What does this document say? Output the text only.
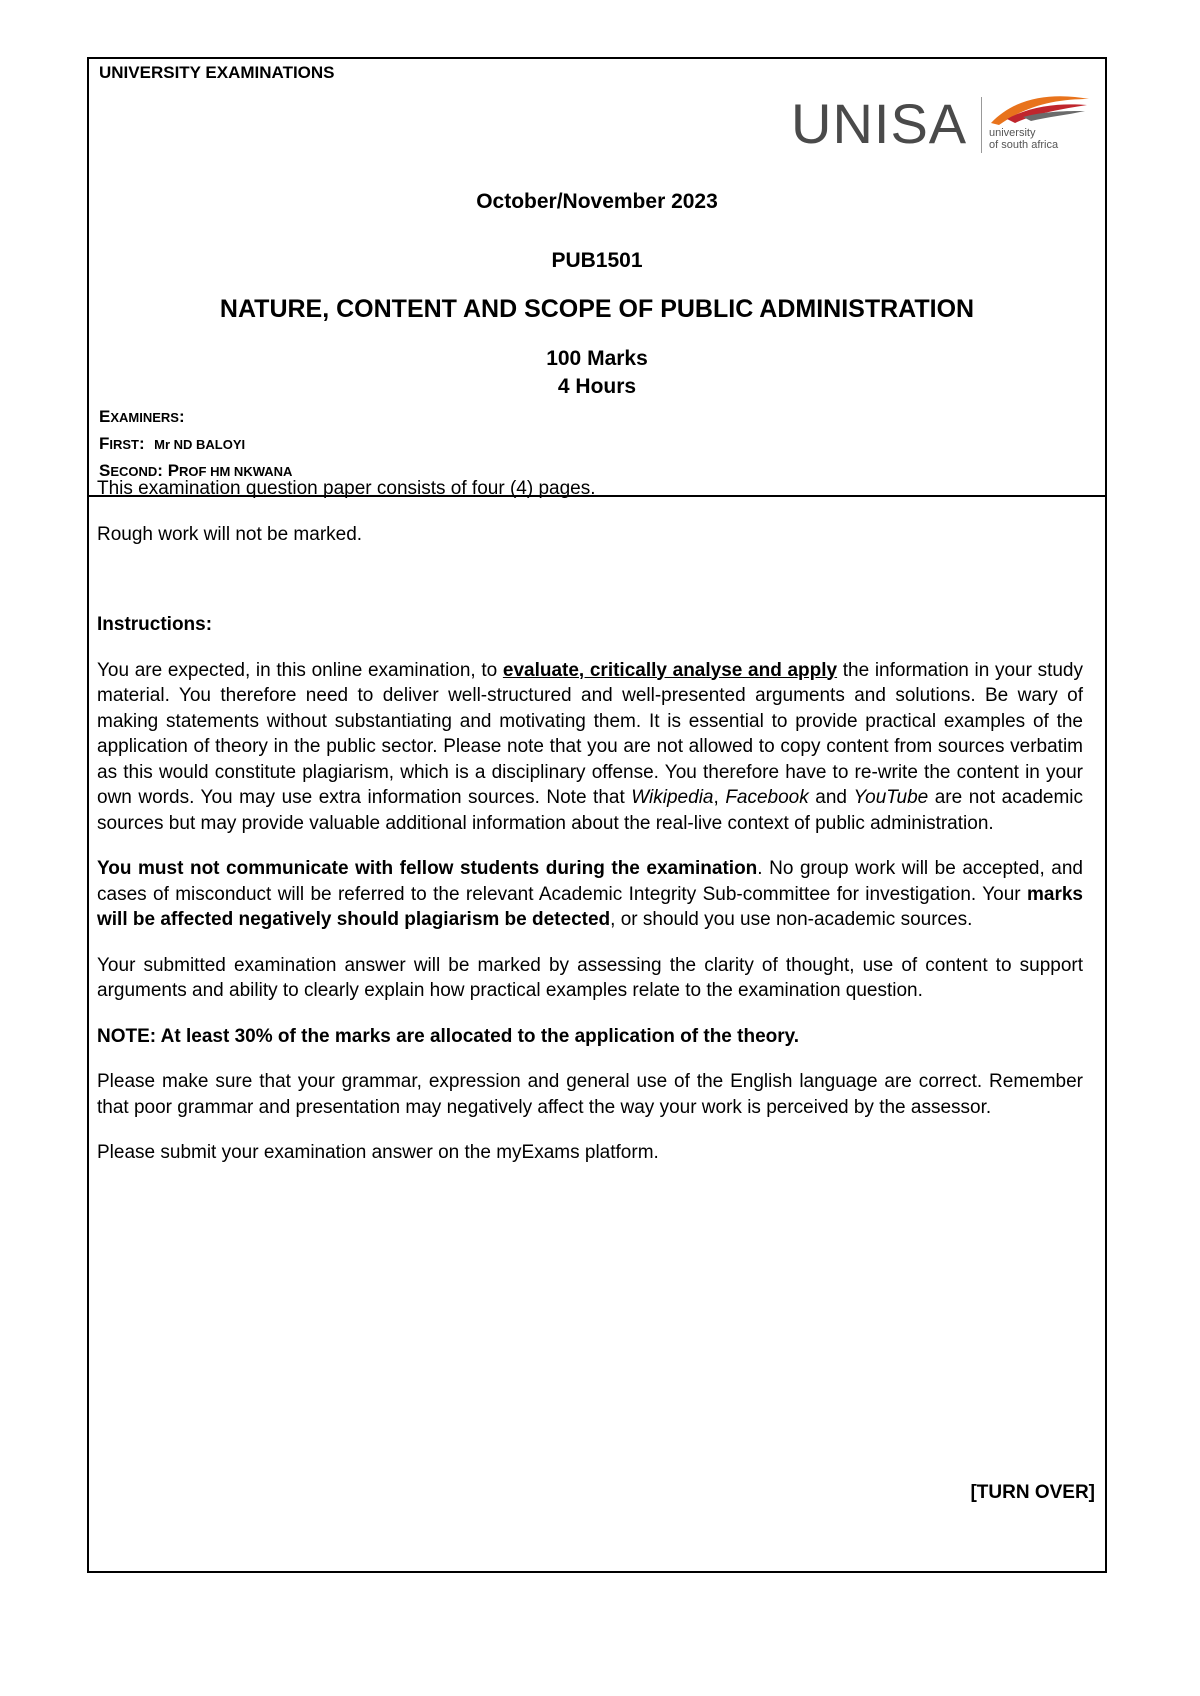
UNIVERSITY EXAMINATIONS
UNISA university
of south africa
October/November 2023
PUB1501
NATURE, CONTENT AND SCOPE OF PUBLIC ADMINISTRATION
100 Marks
4 Hours
EXAMINERS:
FIRST: Mr ND BALOYI
SECOND: PROF HM NKWANA
[TURN OVER]

This examination question paper consists of four (4) pages.

Rough work will not be marked.

Instructions:

You are expected, in this online examination, to evaluate, critically analyse and apply the information in your study material. You therefore need to deliver well-structured and well-presented arguments and solutions. Be wary of making statements without substantiating and motivating them. It is essential to provide practical examples of the application of theory in the public sector. Please note that you are not allowed to copy content from sources verbatim as this would constitute plagiarism, which is a disciplinary offense. You therefore have to re-write the content in your own words. You may use extra information sources. Note that Wikipedia, Facebook and YouTube are not academic sources but may provide valuable additional information about the real-live context of public administration.

You must not communicate with fellow students during the examination. No group work will be accepted, and cases of misconduct will be referred to the relevant Academic Integrity Sub-committee for investigation. Your marks will be affected negatively should plagiarism be detected, or should you use non-academic sources.

Your submitted examination answer will be marked by assessing the clarity of thought, use of content to support arguments and ability to clearly explain how practical examples relate to the examination question.

NOTE: At least 30% of the marks are allocated to the application of the theory.

Please make sure that your grammar, expression and general use of the English language are correct. Remember that poor grammar and presentation may negatively affect the way your work is perceived by the assessor.

Please submit your examination answer on the myExams platform.
